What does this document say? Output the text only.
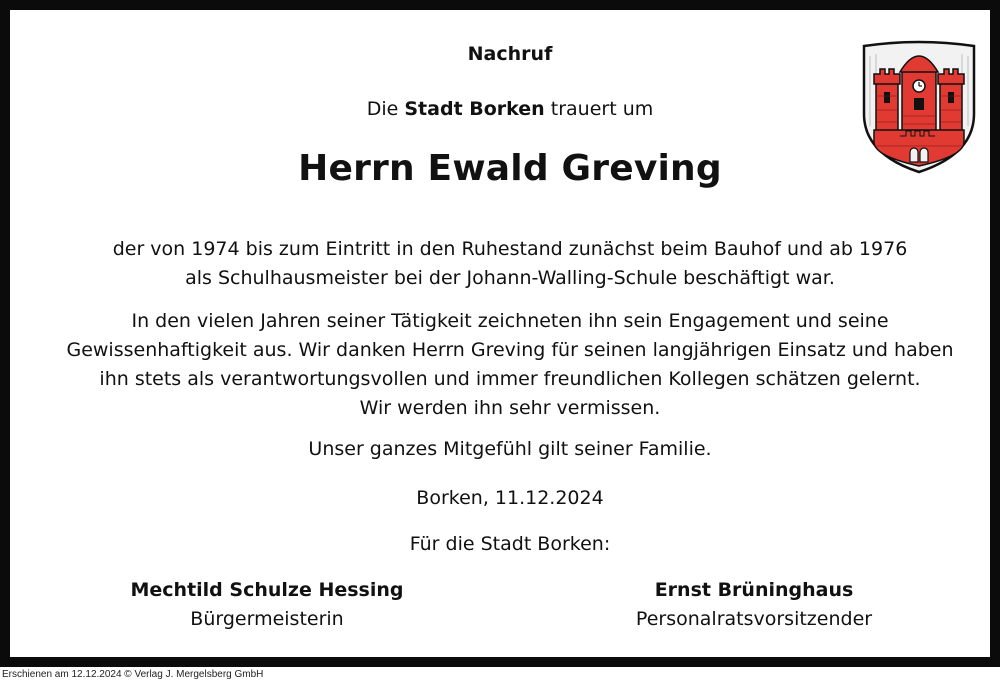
Nachruf
Die Stadt Borken trauert um
Herrn Ewald Greving
der von 1974 bis zum Eintritt in den Ruhestand zunächst beim Bauhof und ab 1976
als Schulhausmeister bei der Johann-Walling-Schule beschäftigt war.
In den vielen Jahren seiner Tätigkeit zeichneten ihn sein Engagement und seine
Gewissenhaftigkeit aus. Wir danken Herrn Greving für seinen langjährigen Einsatz und haben
ihn stets als verantwortungsvollen und immer freundlichen Kollegen schätzen gelernt.
Wir werden ihn sehr vermissen.
Unser ganzes Mitgefühl gilt seiner Familie.
Borken, 11.12.2024
Für die Stadt Borken:
Mechtild Schulze Hessing
Bürgermeisterin
Ernst Brüninghaus
Personalratsvorsitzender
Erschienen am 12.12.2024 © Verlag J. Mergelsberg GmbH
